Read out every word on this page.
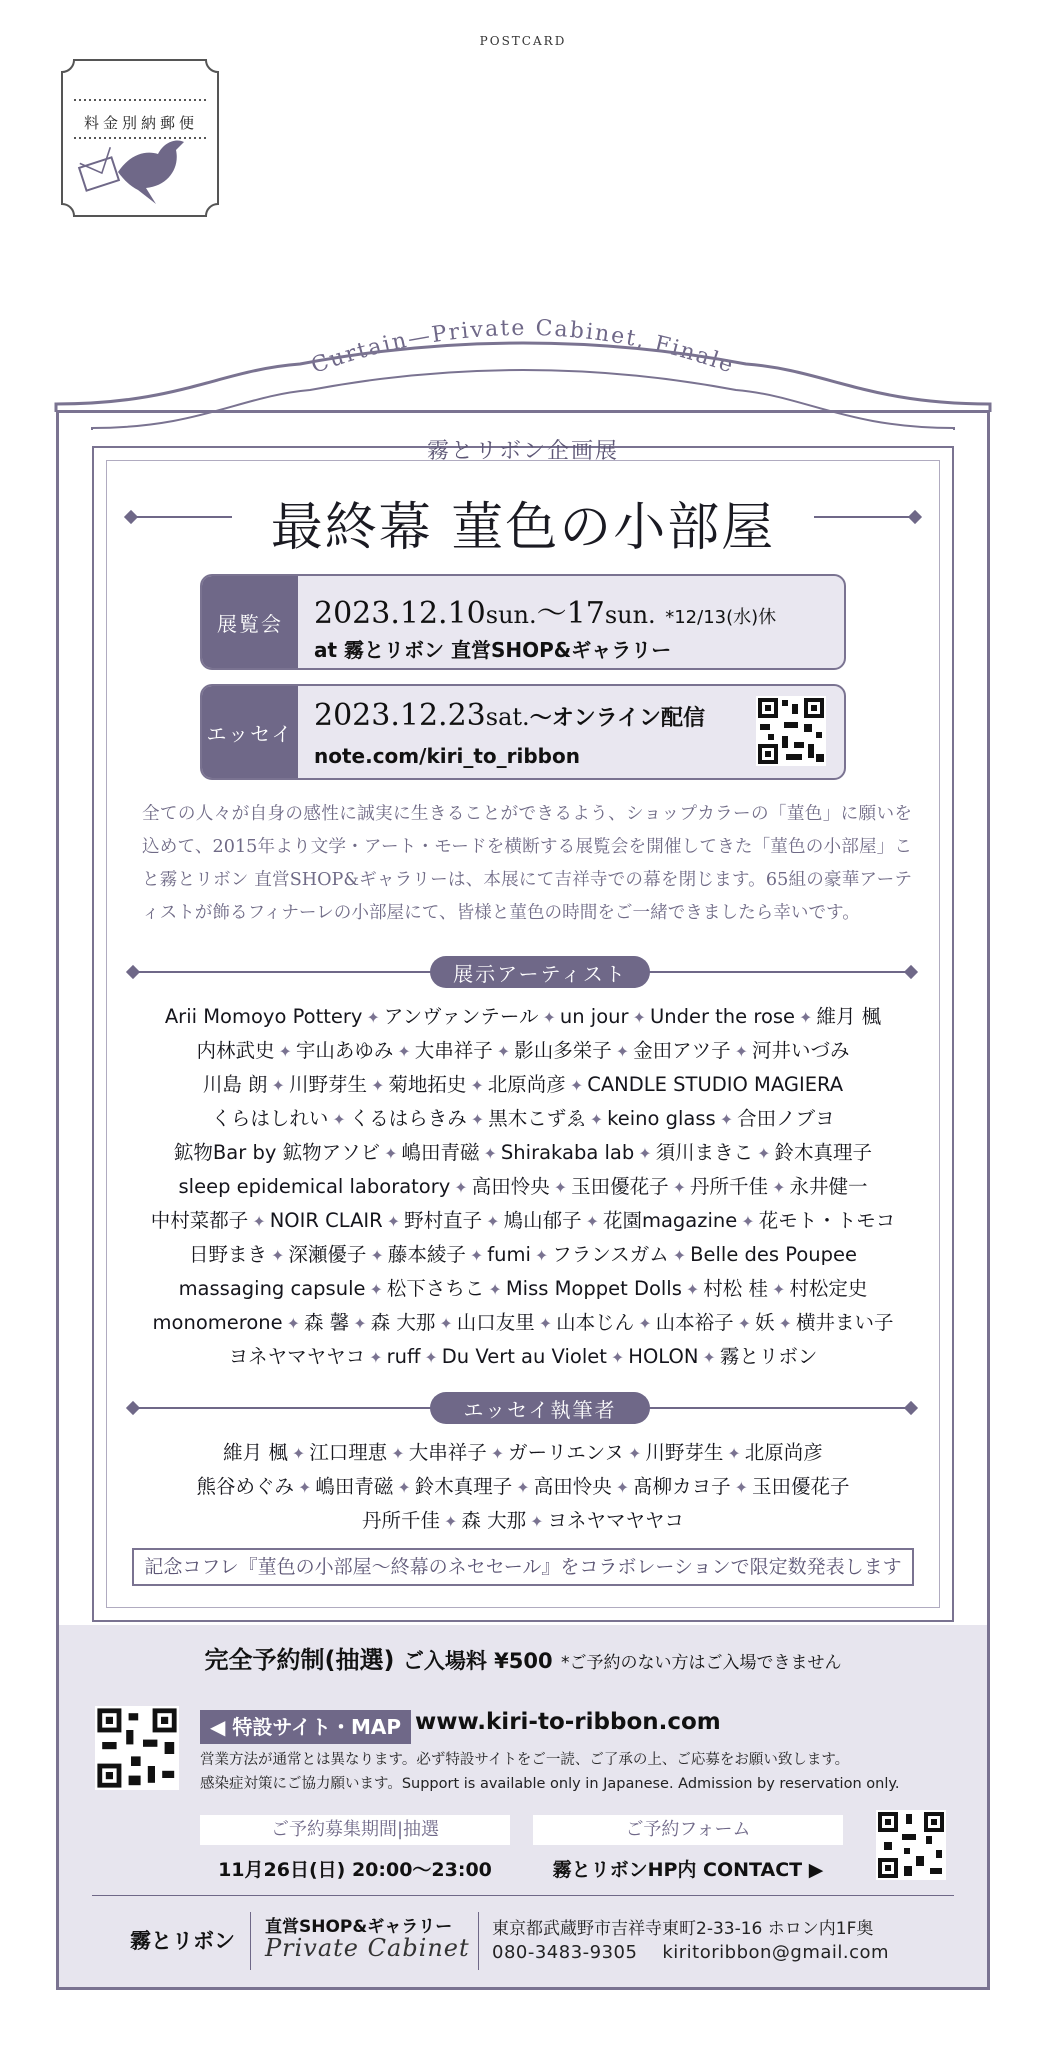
POSTCARD
料金別納郵便
Curtain—Private Cabinet, Finale
霧とリボン企画展
最終幕 菫色の小部屋
展覧会	2023.12.10sun.〜17sun. *12/13(水)休
at 霧とリボン 直営SHOP&ギャラリー
エッセイ
2023.12.23sat.〜オンライン配信
note.com/kiri_to_ribbon
全ての人々が自身の感性に誠実に生きることができるよう、ショップカラーの「菫色」に願いを込めて、2015年より文学・アート・モードを横断する展覧会を開催してきた「菫色の小部屋」こと霧とリボン 直営SHOP&ギャラリーは、本展にて吉祥寺での幕を閉じます。65組の豪華アーティストが飾るフィナーレの小部屋にて、皆様と菫色の時間をご一緒できましたら幸いです。
展示アーティスト
Arii Momoyo Pottery ✦ アンヴァンテール ✦ un jour ✦ Under the rose ✦ 維月 楓
内林武史 ✦ 宇山あゆみ ✦ 大串祥子 ✦ 影山多栄子 ✦ 金田アツ子 ✦ 河井いづみ
川島 朗 ✦ 川野芽生 ✦ 菊地拓史 ✦ 北原尚彦 ✦ CANDLE STUDIO MAGIERA
くらはしれい ✦ くるはらきみ ✦ 黒木こずゑ ✦ keino glass ✦ 合田ノブヨ
鉱物Bar by 鉱物アソビ ✦ 嶋田青磁 ✦ Shirakaba lab ✦ 須川まきこ ✦ 鈴木真理子
sleep epidemical laboratory ✦ 高田怜央 ✦ 玉田優花子 ✦ 丹所千佳 ✦ 永井健一
中村菜都子 ✦ NOIR CLAIR ✦ 野村直子 ✦ 鳩山郁子 ✦ 花園magazine ✦ 花モト・トモコ
日野まき ✦ 深瀬優子 ✦ 藤本綾子 ✦ fumi ✦ フランスガム ✦ Belle des Poupee
massaging capsule ✦ 松下さちこ ✦ Miss Moppet Dolls ✦ 村松 桂 ✦ 村松定史
monomerone ✦ 森 馨 ✦ 森 大那 ✦ 山口友里 ✦ 山本じん ✦ 山本裕子 ✦ 妖 ✦ 横井まい子
ヨネヤマヤヤコ ✦ ruff ✦ Du Vert au Violet ✦ HOLON ✦ 霧とリボン
エッセイ執筆者
維月 楓 ✦ 江口理恵 ✦ 大串祥子 ✦ ガーリエンヌ ✦ 川野芽生 ✦ 北原尚彦
熊谷めぐみ ✦ 嶋田青磁 ✦ 鈴木真理子 ✦ 高田怜央 ✦ 髙柳カヨ子 ✦ 玉田優花子
丹所千佳 ✦ 森 大那 ✦ ヨネヤマヤヤコ
記念コフレ『菫色の小部屋〜終幕のネセセール』をコラボレーションで限定数発表します
完全予約制(抽選) ご入場料 ¥500 *ご予約のない方はご入場できません
◀ 特設サイト・MAP www.kiri-to-ribbon.com
営業方法が通常とは異なります。必ず特設サイトをご一読、ご了承の上、ご応募をお願い致します。
感染症対策にご協力願います。Support is available only in Japanese. Admission by reservation only.
ご予約募集期間|抽選	ご予約フォーム
11月26日(日) 20:00〜23:00	霧とリボンHP内 CONTACT ▶
霧とリボン
直営SHOP&ギャラリー
Private Cabinet
東京都武蔵野市吉祥寺東町2-33-16 ホロン内1F奥
080-3483-9305 kiritoribbon@gmail.com
